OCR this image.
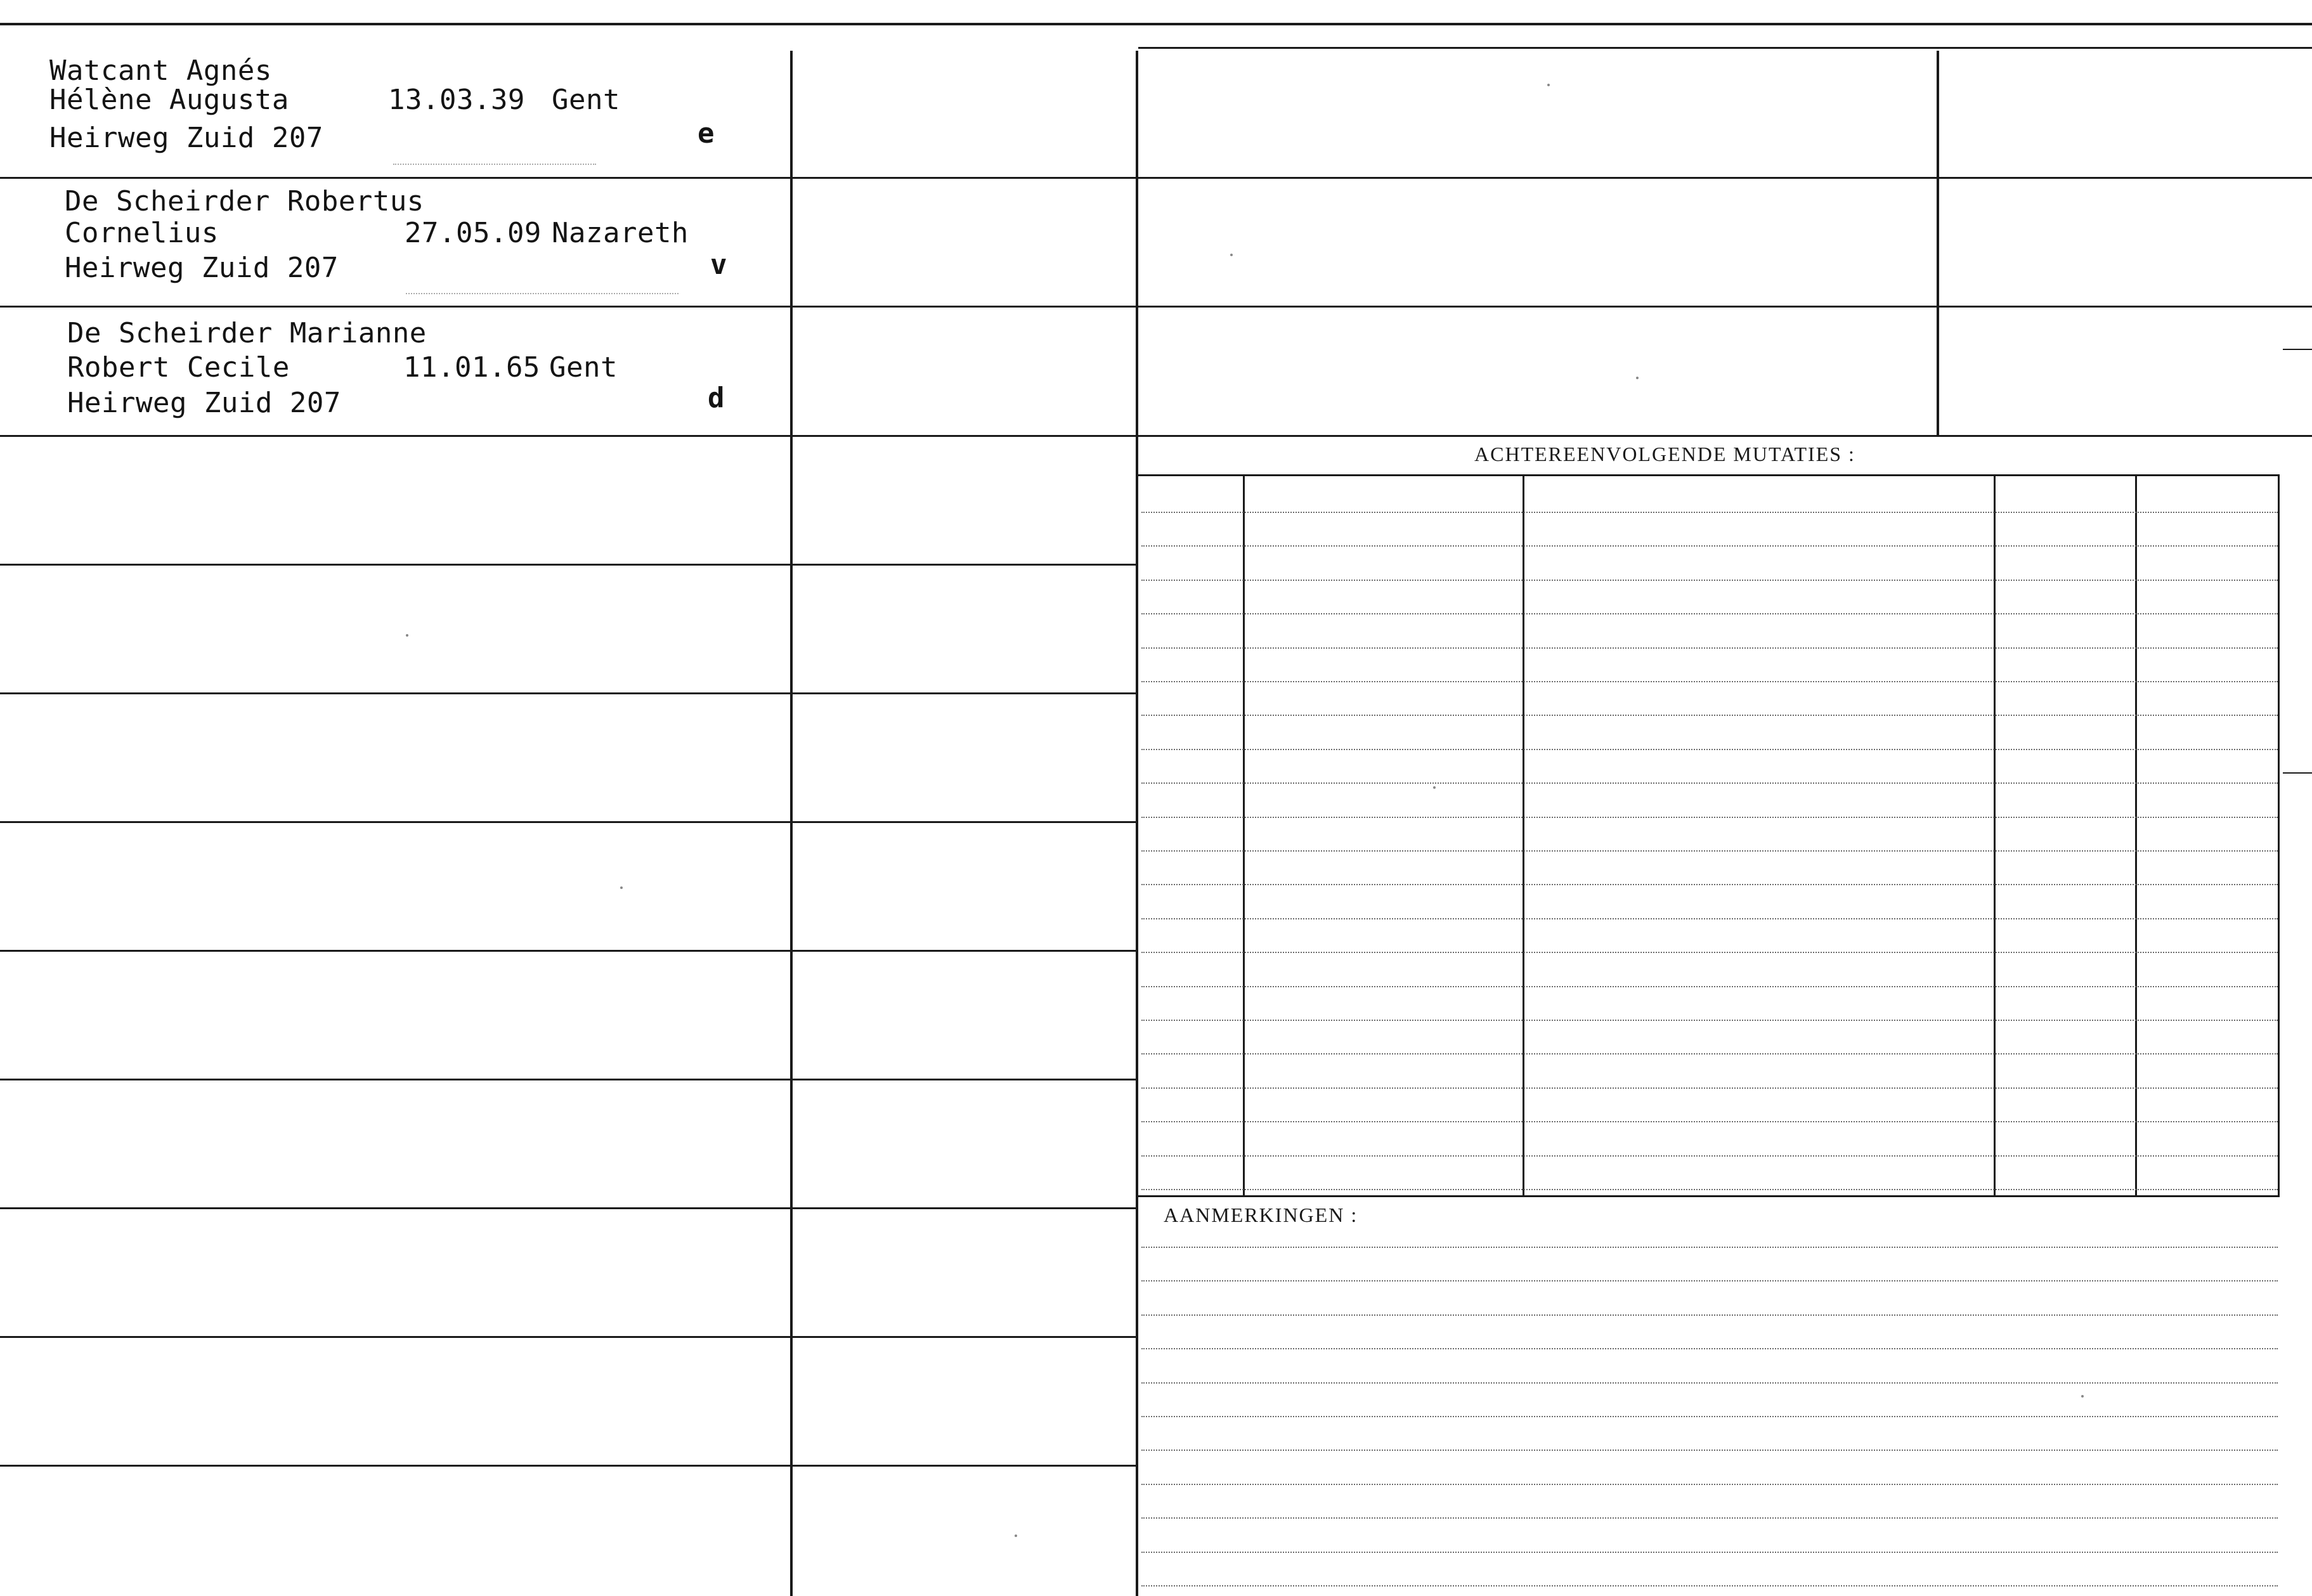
Watcant Agnés
Hélène Augusta	13.03.39 Gent
Heirweg Zuid 207	e
De Scheirder Robertus
Cornelius	27.05.09 Nazareth
Heirweg Zuid 207	v
De Scheirder Marianne
Robert Cecile	11.01.65 Gent
Heirweg Zuid 207	d
ACHTEREENVOLGENDE MUTATIES :
AANMERKINGEN :
